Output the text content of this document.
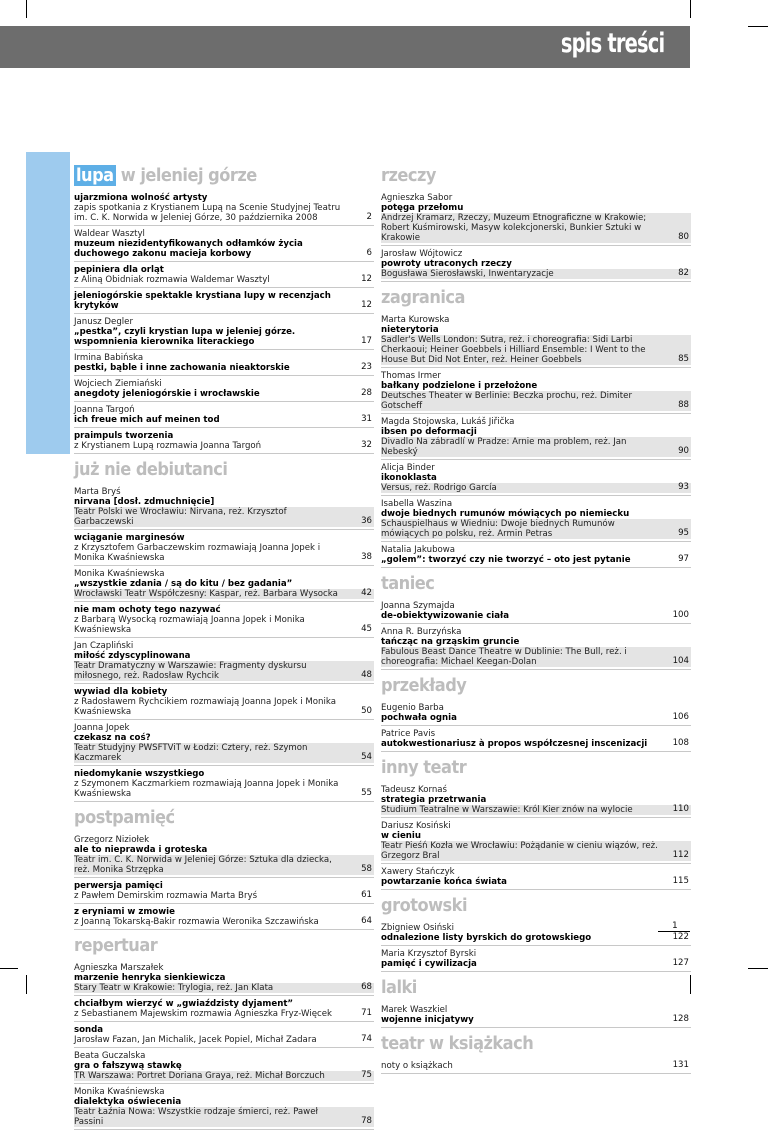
spis treści
lupa w jeleniej górze
ujarzmiona wolność artysty
zapis spotkania z Krystianem Lupą na Scenie Studyjnej Teatru im. C. K. Norwida w Jeleniej Górze, 30 października 2008	2
Waldear Wasztyl
muzeum niezidentyfikowanych odłamków życia duchowego zakonu macieja korbowy	6
pepiniera dla orląt
z Aliną Obidniak rozmawia Waldemar Wasztyl	12
jeleniogórskie spektakle krystiana lupy w recenzjach krytyków	12
Janusz Degler
„pestka”, czyli krystian lupa w jeleniej górze. wspomnienia kierownika literackiego	17
Irmina Babińska
pestki, bąble i inne zachowania nieaktorskie	23
Wojciech Ziemiański
anegdoty jeleniogórskie i wrocławskie	28
Joanna Targoń
ich freue mich auf meinen tod	31
praimpuls tworzenia
z Krystianem Lupą rozmawia Joanna Targoń	32
już nie debiutanci
Marta Bryś
nirvana [dosł. zdmuchnięcie]
Teatr Polski we Wrocławiu: Nirvana, reż. Krzysztof Garbaczewski	36
wciąganie marginesów
z Krzysztofem Garbaczewskim rozmawiają Joanna Jopek i Monika Kwaśniewska	38
Monika Kwaśniewska
„wszystkie zdania / są do kitu / bez gadania”
Wrocławski Teatr Współczesny: Kaspar, reż. Barbara Wysocka	42
nie mam ochoty tego nazywać
z Barbarą Wysocką rozmawiają Joanna Jopek i Monika Kwaśniewska	45
Jan Czapliński
miłość zdyscyplinowana
Teatr Dramatyczny w Warszawie: Fragmenty dyskursu miłosnego, reż. Radosław Rychcik	48
wywiad dla kobiety
z Radosławem Rychcikiem rozmawiają Joanna Jopek i Monika Kwaśniewska	50
Joanna Jopek
czekasz na coś?
Teatr Studyjny PWSFTViT w Łodzi: Cztery, reż. Szymon Kaczmarek	54
niedomykanie wszystkiego
z Szymonem Kaczmarkiem rozmawiają Joanna Jopek i Monika Kwaśniewska	55
postpamięć
Grzegorz Niziołek
ale to nieprawda i groteska
Teatr im. C. K. Norwida w Jeleniej Górze: Sztuka dla dziecka, reż. Monika Strzępka	58
perwersja pamięci
z Pawłem Demirskim rozmawia Marta Bryś	61
z eryniami w zmowie
z Joanną Tokarską-Bakir rozmawia Weronika Szczawińska	64
repertuar
Agnieszka Marszałek
marzenie henryka sienkiewicza
Stary Teatr w Krakowie: Trylogia, reż. Jan Klata	68
chciałbym wierzyć w „gwiaździsty dyjament”
z Sebastianem Majewskim rozmawia Agnieszka Fryz-Więcek	71
sonda
Jarosław Fazan, Jan Michalik, Jacek Popiel, Michał Zadara	74
Beata Guczalska
gra o fałszywą stawkę
TR Warszawa: Portret Doriana Graya, reż. Michał Borczuch	75
Monika Kwaśniewska
dialektyka oświecenia
Teatr Łaźnia Nowa: Wszystkie rodzaje śmierci, reż. Paweł Passini	78
rzeczy
Agnieszka Sabor
potęga przełomu
Andrzej Kramarz, Rzeczy, Muzeum Etnograficzne w Krakowie; Robert Kuśmirowski, Masyw kolekcjonerski, Bunkier Sztuki w Krakowie	80
Jarosław Wójtowicz
powroty utraconych rzeczy
Bogusława Sierosławski, Inwentaryzacje	82
zagranica
Marta Kurowska
nieterytoria
Sadler's Wells London: Sutra, reż. i choreografia: Sidi Larbi Cherkaoui; Heiner Goebbels i Hilliard Ensemble: I Went to the House But Did Not Enter, reż. Heiner Goebbels	85
Thomas Irmer
bałkany podzielone i przełożone
Deutsches Theater w Berlinie: Beczka prochu, reż. Dimiter Gotscheff	88
Magda Stojowska, Lukáš Jiřička
ibsen po deformacji
Divadlo Na zábradlí w Pradze: Arnie ma problem, reż. Jan Nebeský	90
Alicja Binder
ikonoklasta
Versus, reż. Rodrigo García	93
Isabella Waszina
dwoje biednych rumunów mówiących po niemiecku
Schauspielhaus w Wiedniu: Dwoje biednych Rumunów mówiących po polsku, reż. Armin Petras	95
Natalia Jakubowa
„golem”: tworzyć czy nie tworzyć – oto jest pytanie	97
taniec
Joanna Szymajda
de-obiektywizowanie ciała	100
Anna R. Burzyńska
tańcząc na grząskim gruncie
Fabulous Beast Dance Theatre w Dublinie: The Bull, reż. i choreografia: Michael Keegan-Dolan	104
przekłady
Eugenio Barba
pochwała ognia	106
Patrice Pavis
autokwestionariusz à propos współczesnej inscenizacji	108
inny teatr
Tadeusz Kornaś
strategia przetrwania
Studium Teatralne w Warszawie: Król Kier znów na wylocie	110
Dariusz Kosiński
w cieniu
Teatr Pieśń Kozła we Wrocławiu: Pożądanie w cieniu wiązów, reż. Grzegorz Bral	112
Xawery Stańczyk
powtarzanie końca świata	115
grotowski
Zbigniew Osiński
odnalezione listy byrskich do grotowskiego	122
Maria Krzysztof Byrski
pamięć i cywilizacja	127
lalki
Marek Waszkiel
wojenne inicjatywy	128
teatr w książkach
noty o książkach	131
1
